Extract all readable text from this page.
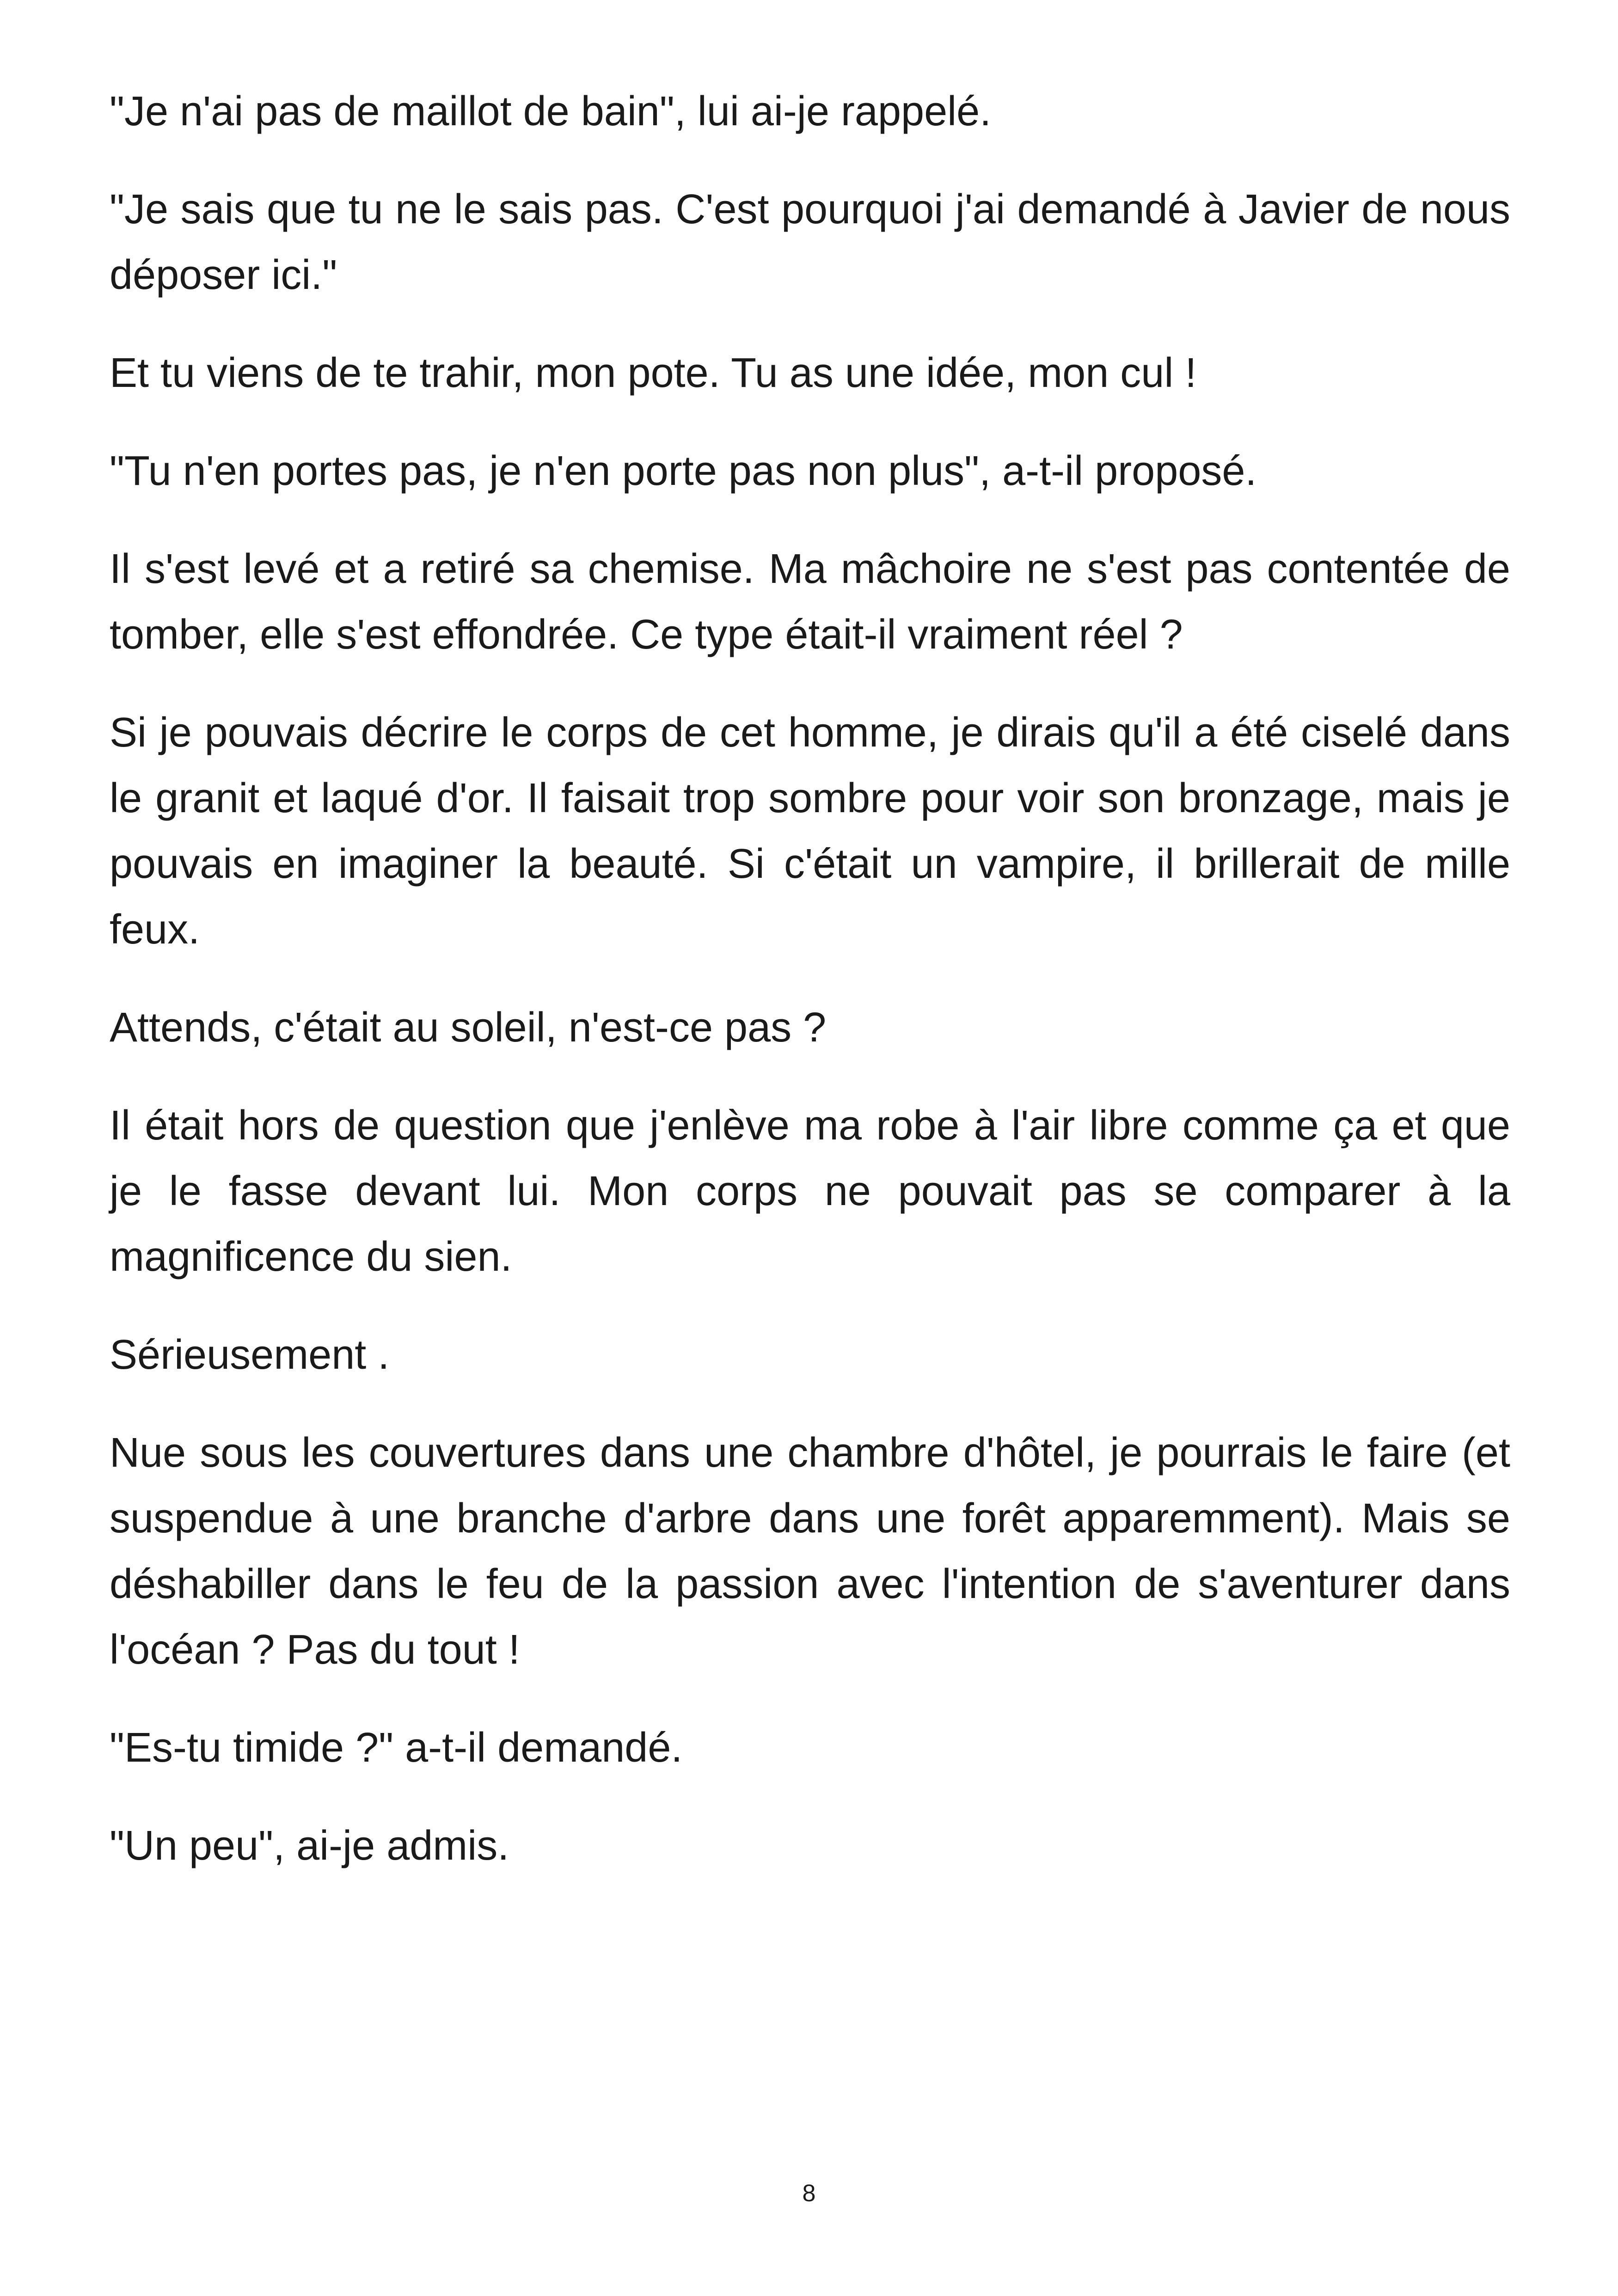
"Je n'ai pas de maillot de bain", lui ai-je rappelé.

"Je sais que tu ne le sais pas. C'est pourquoi j'ai demandé à Javier de nous déposer ici."

Et tu viens de te trahir, mon pote. Tu as une idée, mon cul !

"Tu n'en portes pas, je n'en porte pas non plus", a-t-il proposé.

Il s'est levé et a retiré sa chemise. Ma mâchoire ne s'est pas contentée de tomber, elle s'est effondrée. Ce type était-il vraiment réel ?

Si je pouvais décrire le corps de cet homme, je dirais qu'il a été ciselé dans le granit et laqué d'or. Il faisait trop sombre pour voir son bronzage, mais je pouvais en imaginer la beauté. Si c'était un vampire, il brillerait de mille feux.

Attends, c'était au soleil, n'est-ce pas ?

Il était hors de question que j'enlève ma robe à l'air libre comme ça et que je le fasse devant lui. Mon corps ne pouvait pas se comparer à la magnificence du sien.

Sérieusement .

Nue sous les couvertures dans une chambre d'hôtel, je pourrais le faire (et suspendue à une branche d'arbre dans une forêt apparemment). Mais se déshabiller dans le feu de la passion avec l'intention de s'aventurer dans l'océan ? Pas du tout !

"Es-tu timide ?" a-t-il demandé.

"Un peu", ai-je admis.

8
